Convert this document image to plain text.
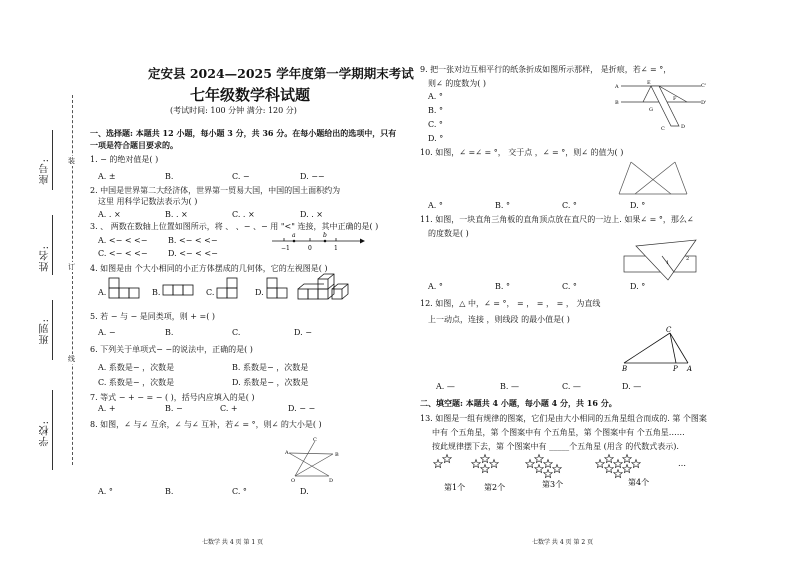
装
订
线
学校:
班别:
姓名:
座号:
定安县 2024—2025 学年度第一学期期末考试
七年级数学科试题
(考试时间: 100 分钟 满分: 120 分)
一、选择题: 本题共 12 小题，每小题 3 分，共 36 分。在每小题给出的选项中，只有
一项是符合题目要求的。
1. − 的绝对值是( )
A. ±	B.	C. −	D. −−
2. 中国是世界第二大经济体，世界第一贸易大国，中国的国土面积约为
这里 用科学记数法表示为( )
A. . ×	B. . ×	C. . ×	D. . ×
3. 、 两数在数轴上位置如图所示，将 、 、− 、− 用 "<" 连接，其中正确的是( )
A. <− < <−	B. <− < <−
C. <− < <−	D. <− < <−
−1	0	1
a	b
4. 如图是由 个大小相同的小正方体摆成的几何体，它的左视图是( )
A.	B.	C.	D.
5. 若 − 与 − 是同类项，则 + =( )
A. −	B.	C.	D. −
6. 下列关于单项式− −的说法中，正确的是( )
A. 系数是− ，次数是	B. 系数是− ，次数是
C. 系数是− ，次数是	D. 系数是− ，次数是
7. 等式 − + − = − ( )，括号内应填入的是( )
A. +	B. −	C. +	D. − −
8. 如图，∠ 与∠ 互余，∠ 与∠ 互补，若∠ = °，则∠ 的大小是( )
C
B
A
O	D
A. °	B.	C. °	D.
七数学 共 4 页 第 1 页
9. 把一张对边互相平行的纸条折成如图所示那样， 是折痕，若∠ = °，
则∠ 的度数为( )
A. °
B. °
C. °
D. °
E	C'
A
B
G
F
D
D'
C
10. 如图，∠ =∠ = °， 交于点 ，∠ = °，则∠ 的值为( )
A. °	B. °	C. °	D. °
11. 如图，一块直角三角板的直角顶点放在直尺的一边上. 如果∠ = °，那么∠
的度数是( )
1
2
A. °	B. °	C. °	D. °
12. 如图，△ 中，∠ = °， = ， = ， = ， 为直线
上一动点，连接 ，则线段 的最小值是( )
C
B	P A
A. —	B. —	C. —	D. —
二、填空题: 本题共 4 小题，每小题 4 分，共 16 分。
13. 如图是一组有规律的图案，它们是由大小相同的五角星组合而成的. 第 个图案
中有 个五角星，第 个图案中有 个五角星，第 个图案中有 个五角星……
按此规律摆下去，第 个图案中有 _____个五角星 (用含 的代数式表示).
第1个 第2个	第3个	第4个
…
七数学 共 4 页 第 2 页
